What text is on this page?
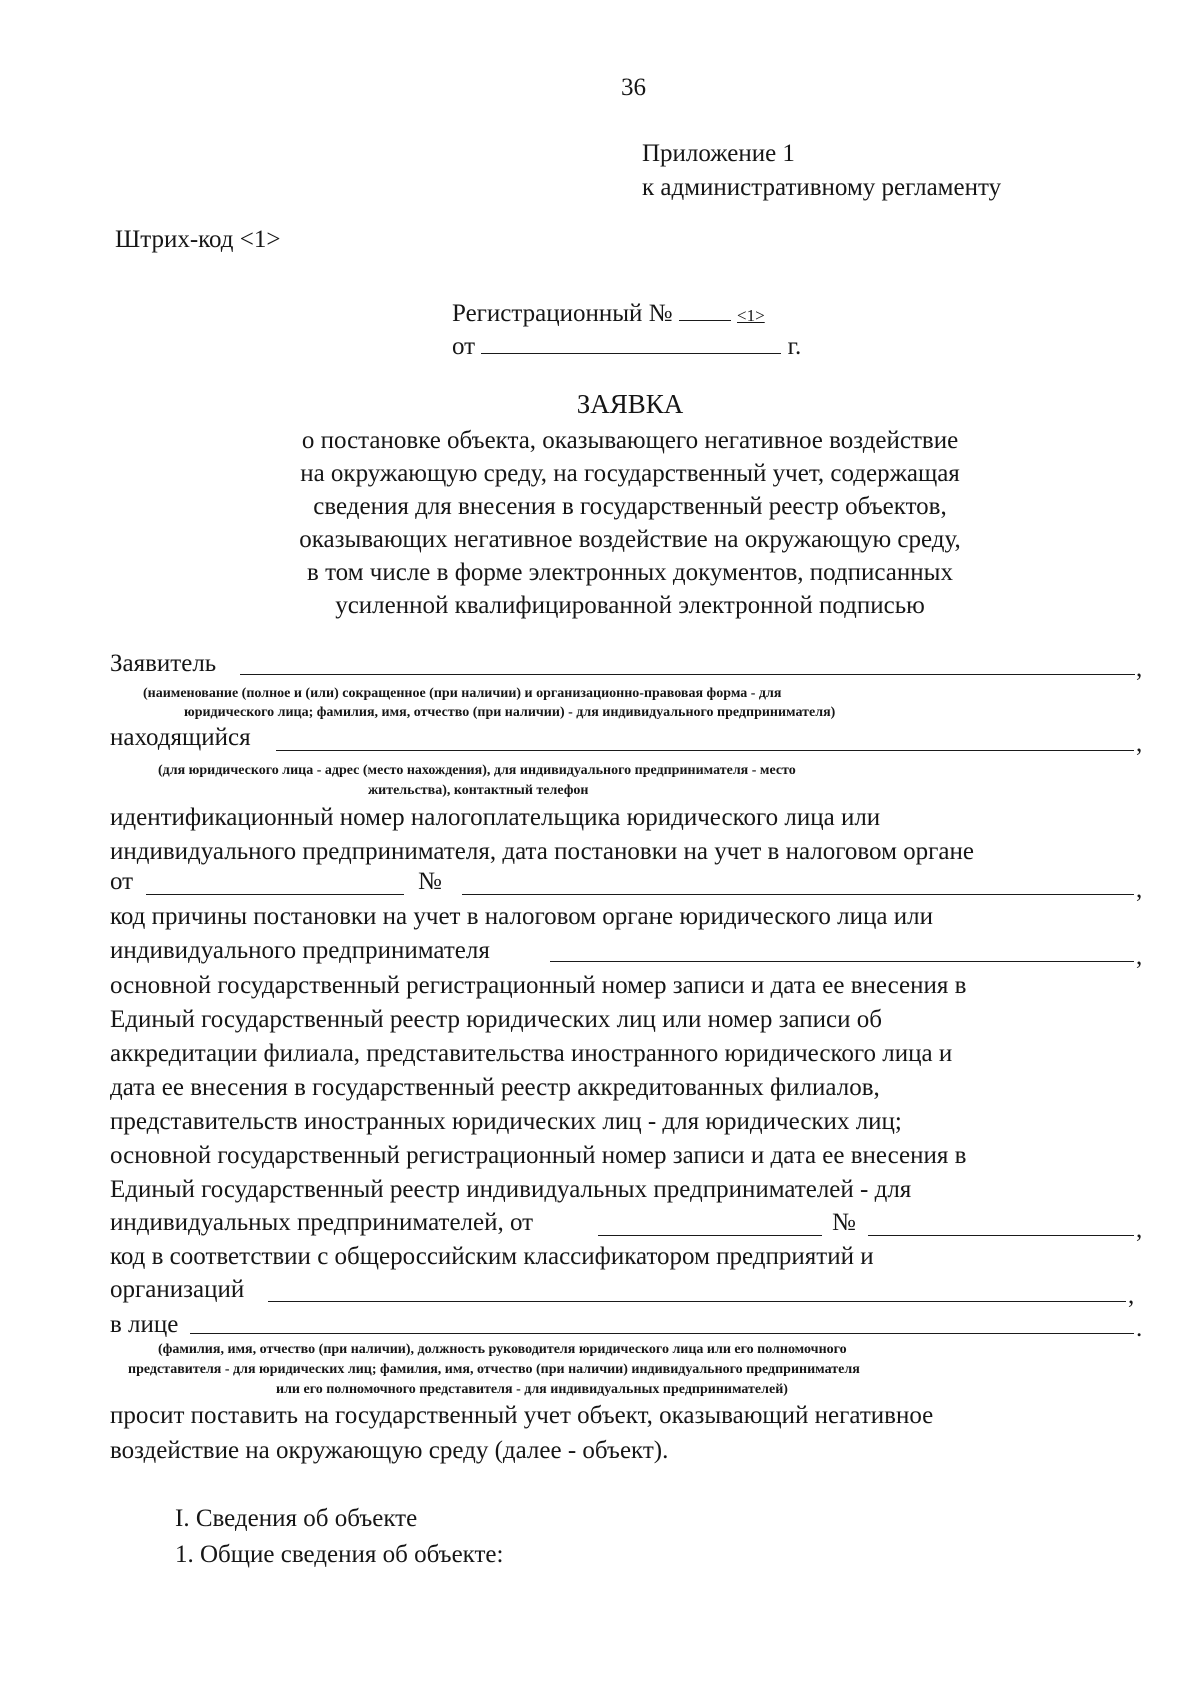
36
Приложение 1
к административному регламенту
Штрих-код <1>
Регистрационный №	<1>
от	г.
ЗАЯВКА
о постановке объекта, оказывающего негативное воздействие
на окружающую среду, на государственный учет, содержащая
сведения для внесения в государственный реестр объектов,
оказывающих негативное воздействие на окружающую среду,
в том числе в форме электронных документов, подписанных
усиленной квалифицированной электронной подписью
Заявитель	,
(наименование (полное и (или) сокращенное (при наличии) и организационно-правовая форма - для
юридического лица; фамилия, имя, отчество (при наличии) - для индивидуального предпринимателя)
находящийся	,
(для юридического лица - адрес (место нахождения), для индивидуального предпринимателя - место
жительства), контактный телефон
идентификационный номер налогоплательщика юридического лица или
индивидуального предпринимателя, дата постановки на учет в налоговом органе
от	№	,
код причины постановки на учет в налоговом органе юридического лица или
индивидуального предпринимателя	,
основной государственный регистрационный номер записи и дата ее внесения в
Единый государственный реестр юридических лиц или номер записи об
аккредитации филиала, представительства иностранного юридического лица и
дата ее внесения в государственный реестр аккредитованных филиалов,
представительств иностранных юридических лиц - для юридических лиц;
основной государственный регистрационный номер записи и дата ее внесения в
Единый государственный реестр индивидуальных предпринимателей - для
индивидуальных предпринимателей, от	№	,
код в соответствии с общероссийским классификатором предприятий и
организаций	,
в лице	.
(фамилия, имя, отчество (при наличии), должность руководителя юридического лица или его полномочного
представителя - для юридических лиц; фамилия, имя, отчество (при наличии) индивидуального предпринимателя
или его полномочного представителя - для индивидуальных предпринимателей)
просит поставить на государственный учет объект, оказывающий негативное
воздействие на окружающую среду (далее - объект).
I. Сведения об объекте
1. Общие сведения об объекте:
